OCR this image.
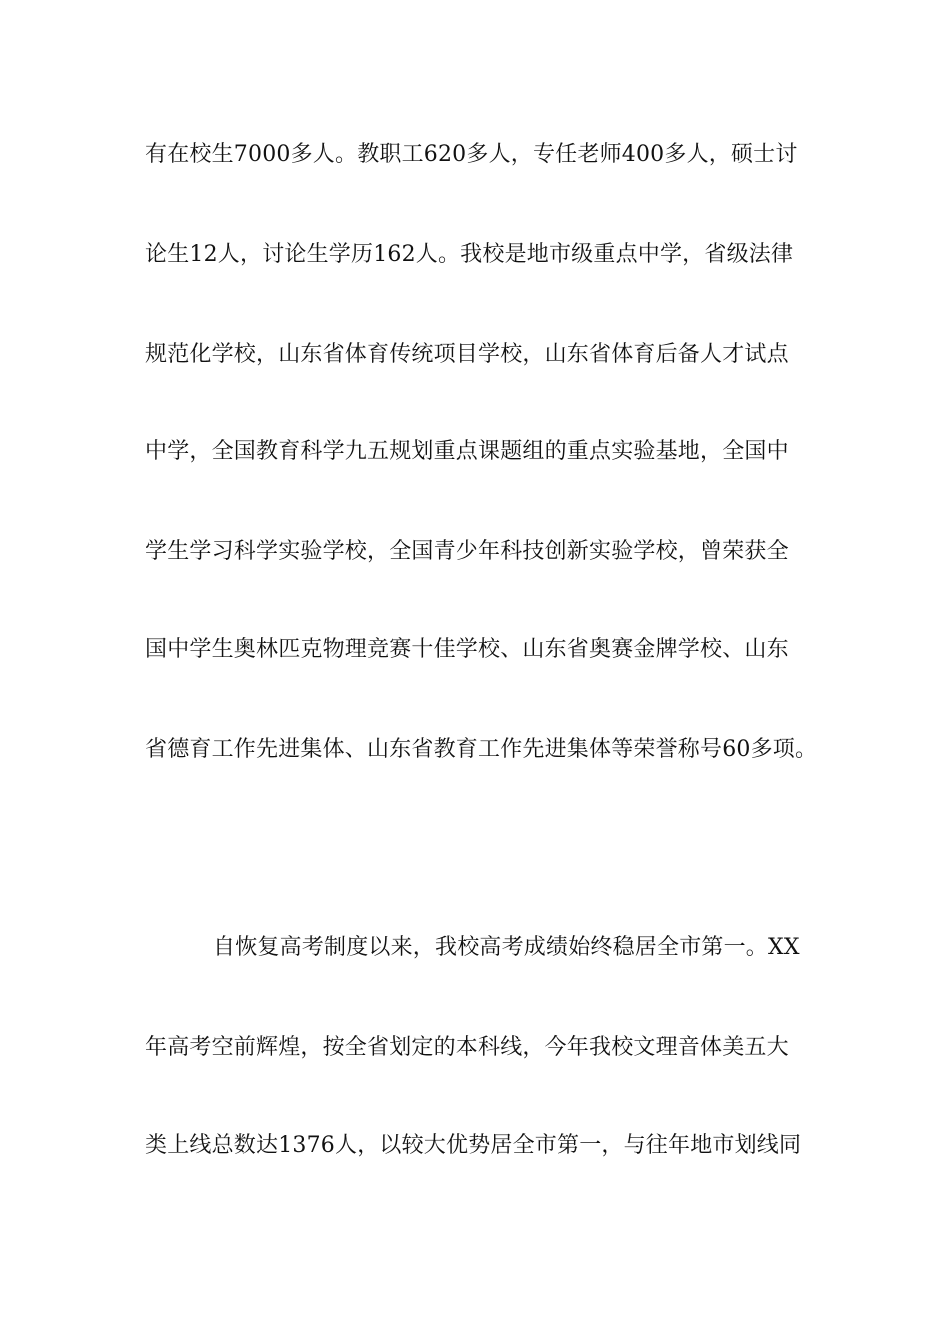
有在校生7000多人。教职工620多人，专任老师400多人，硕士讨
论生12人，讨论生学历162人。我校是地市级重点中学，省级法律
规范化学校，山东省体育传统项目学校，山东省体育后备人才试点
中学，全国教育科学九五规划重点课题组的重点实验基地，全国中
学生学习科学实验学校，全国青少年科技创新实验学校，曾荣获全
国中学生奥林匹克物理竞赛十佳学校、山东省奥赛金牌学校、山东
省德育工作先进集体、山东省教育工作先进集体等荣誉称号60多项。
自恢复高考制度以来，我校高考成绩始终稳居全市第一。XX
年高考空前辉煌，按全省划定的本科线，今年我校文理音体美五大
类上线总数达1376人，以较大优势居全市第一，与往年地市划线同
